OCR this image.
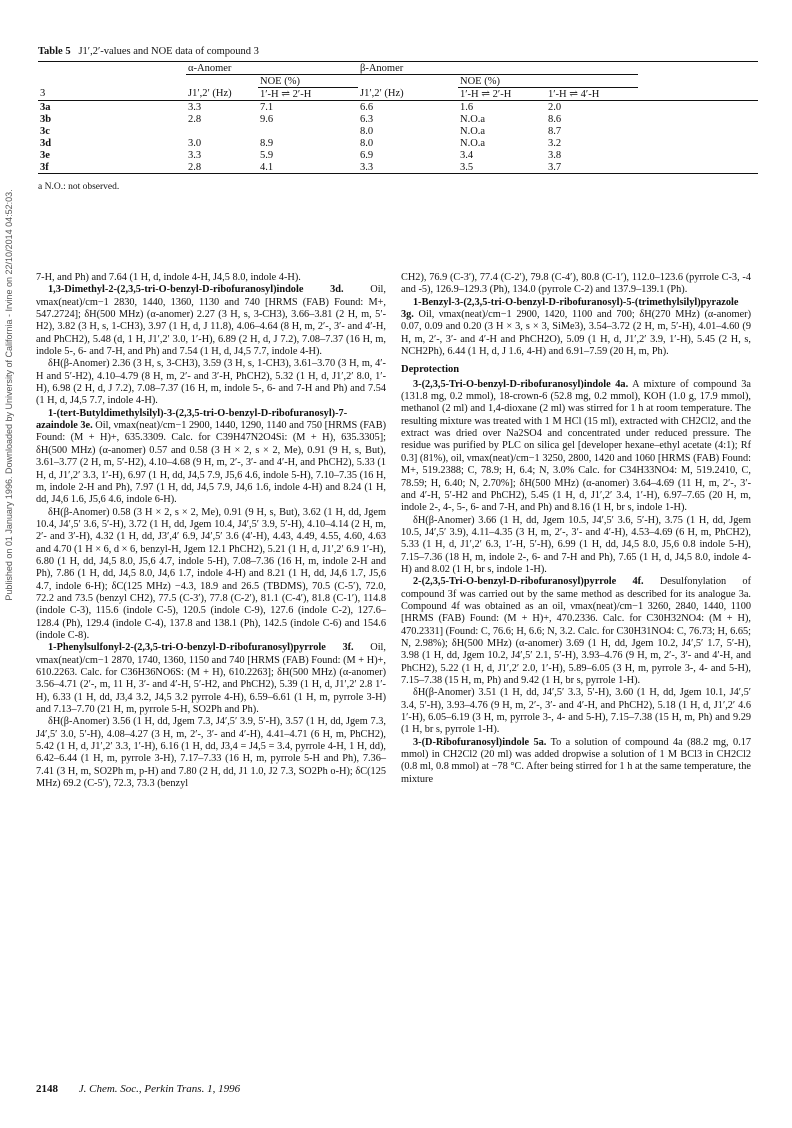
Published on 01 January 1996. Downloaded by University of California - Irvine on 22/10/2014 04:52:03.
Table 5 J1′,2′-values and NOE data of compound 3
	α-Anomer		β-Anomer			
		NOE (%)		NOE (%)		
3	J1′,2′ (Hz)	1′-H ⇌ 2′-H	J1′,2′ (Hz)	1′-H ⇌ 2′-H	1′-H ⇌ 4′-H	
3a	3.3	7.1	6.6	1.6	2.0	
3b	2.8	9.6	6.3	N.O.a	8.6	
3c			8.0	N.O.a	8.7	
3d	3.0	8.9	8.0	N.O.a	3.2	
3e	3.3	5.9	6.9	3.4	3.8	
3f	2.8	4.1	3.3	3.5	3.7	
a N.O.: not observed.

7-H, and Ph) and 7.64 (1 H, d, indole 4-H, J4,5 8.0, indole 4-H).

1,3-Dimethyl-2-(2,3,5-tri-O-benzyl-D-ribofuranosyl)indole 3d. Oil, νmax(neat)/cm−1 2830, 1440, 1360, 1130 and 740 [HRMS (FAB) Found: M+, 547.2724]; δH(500 MHz) (α-anomer) 2.27 (3 H, s, 3-CH3), 3.66–3.81 (2 H, m, 5′-H2), 3.82 (3 H, s, 1-CH3), 3.97 (1 H, d, J 11.8), 4.06–4.64 (8 H, m, 2′-, 3′- and 4′-H, and PhCH2), 5.48 (d, 1 H, J1′,2′ 3.0, 1′-H), 6.89 (2 H, d, J 7.2), 7.08–7.37 (16 H, m, indole 5-, 6- and 7-H, and Ph) and 7.54 (1 H, d, J4,5 7.7, indole 4-H).

δH(β-Anomer) 2.36 (3 H, s, 3-CH3), 3.59 (3 H, s, 1-CH3), 3.61–3.70 (3 H, m, 4′-H and 5′-H2), 4.10–4.79 (8 H, m, 2′- and 3′-H, PhCH2), 5.32 (1 H, d, J1′,2′ 8.0, 1′-H), 6.98 (2 H, d, J 7.2), 7.08–7.37 (16 H, m, indole 5-, 6- and 7-H and Ph) and 7.54 (1 H, d, J4,5 7.7, indole 4-H).

1-(tert-Butyldimethylsilyl)-3-(2,3,5-tri-O-benzyl-D-ribofuranosyl)-7-azaindole 3e. Oil, νmax(neat)/cm−1 2900, 1440, 1290, 1140 and 750 [HRMS (FAB) Found: (M + H)+, 635.3309. Calc. for C39H47N2O4Si: (M + H), 635.3305]; δH(500 MHz) (α-anomer) 0.57 and 0.58 (3 H × 2, s × 2, Me), 0.91 (9 H, s, But), 3.61–3.77 (2 H, m, 5′-H2), 4.10–4.68 (9 H, m, 2′-, 3′- and 4′-H, and PhCH2), 5.33 (1 H, d, J1′,2′ 3.3, 1′-H), 6.97 (1 H, dd, J4,5 7.9, J5,6 4.6, indole 5-H), 7.10–7.35 (16 H, m, indole 2-H and Ph), 7.97 (1 H, dd, J4,5 7.9, J4,6 1.6, indole 4-H) and 8.24 (1 H, dd, J4,6 1.6, J5,6 4.6, indole 6-H).

δH(β-Anomer) 0.58 (3 H × 2, s × 2, Me), 0.91 (9 H, s, But), 3.62 (1 H, dd, Jgem 10.4, J4′,5′ 3.6, 5′-H), 3.72 (1 H, dd, Jgem 10.4, J4′,5′ 3.9, 5′-H), 4.10–4.14 (2 H, m, 2′- and 3′-H), 4.32 (1 H, dd, J3′,4′ 6.9, J4′,5′ 3.6 (4′-H), 4.43, 4.49, 4.55, 4.60, 4.63 and 4.70 (1 H × 6, d × 6, benzyl-H, Jgem 12.1 PhCH2), 5.21 (1 H, d, J1′,2′ 6.9 1′-H), 6.80 (1 H, dd, J4,5 8.0, J5,6 4.7, indole 5-H), 7.08–7.36 (16 H, m, indole 2-H and Ph), 7.86 (1 H, dd, J4,5 8.0, J4,6 1.7, indole 4-H) and 8.21 (1 H, dd, J4,6 1.7, J5,6 4.7, indole 6-H); δC(125 MHz) −4.3, 18.9 and 26.5 (TBDMS), 70.5 (C-5′), 72.0, 72.2 and 73.5 (benzyl CH2), 77.5 (C-3′), 77.8 (C-2′), 81.1 (C-4′), 81.8 (C-1′), 114.8 (indole C-3), 115.6 (indole C-5), 120.5 (indole C-9), 127.6 (indole C-2), 127.6–128.4 (Ph), 129.4 (indole C-4), 137.8 and 138.1 (Ph), 142.5 (indole C-6) and 154.6 (indole C-8).

1-Phenylsulfonyl-2-(2,3,5-tri-O-benzyl-D-ribofuranosyl)pyrrole 3f. Oil, νmax(neat)/cm−1 2870, 1740, 1360, 1150 and 740 [HRMS (FAB) Found: (M + H)+, 610.2263. Calc. for C36H36NO6S: (M + H), 610.2263]; δH(500 MHz) (α-anomer) 3.56–4.71 (2′-, m, 11 H, 3′- and 4′-H, 5′-H2, and PhCH2), 5.39 (1 H, d, J1′,2′ 2.8 1′-H), 6.33 (1 H, dd, J3,4 3.2, J4,5 3.2 pyrrole 4-H), 6.59–6.61 (1 H, m, pyrrole 3-H) and 7.13–7.70 (21 H, m, pyrrole 5-H, SO2Ph and Ph).

δH(β-Anomer) 3.56 (1 H, dd, Jgem 7.3, J4′,5′ 3.9, 5′-H), 3.57 (1 H, dd, Jgem 7.3, J4′,5′ 3.0, 5′-H), 4.08–4.27 (3 H, m, 2′-, 3′- and 4′-H), 4.41–4.71 (6 H, m, PhCH2), 5.42 (1 H, d, J1′,2′ 3.3, 1′-H), 6.16 (1 H, dd, J3,4 = J4,5 = 3.4, pyrrole 4-H, 1 H, dd), 6.42–6.44 (1 H, m, pyrrole 3-H), 7.17–7.33 (16 H, m, pyrrole 5-H and Ph), 7.36–7.41 (3 H, m, SO2Ph m, p-H) and 7.80 (2 H, dd, J1 1.0, J2 7.3, SO2Ph o-H); δC(125 MHz) 69.2 (C-5′), 72.3, 73.3 (benzyl

CH2), 76.9 (C-3′), 77.4 (C-2′), 79.8 (C-4′), 80.8 (C-1′), 112.0–123.6 (pyrrole C-3, -4 and -5), 126.9–129.3 (Ph), 134.0 (pyrrole C-2) and 137.9–139.1 (Ph).

1-Benzyl-3-(2,3,5-tri-O-benzyl-D-ribofuranosyl)-5-(trimethylsilyl)pyrazole 3g. Oil, νmax(neat)/cm−1 2900, 1420, 1100 and 700; δH(270 MHz) (α-anomer) 0.07, 0.09 and 0.20 (3 H × 3, s × 3, SiMe3), 3.54–3.72 (2 H, m, 5′-H), 4.01–4.60 (9 H, m, 2′-, 3′- and 4′-H and PhCH2O), 5.09 (1 H, d, J1′,2′ 3.9, 1′-H), 5.45 (2 H, s, NCH2Ph), 6.44 (1 H, d, J 1.6, 4-H) and 6.91–7.59 (20 H, m, Ph).

Deprotection

3-(2,3,5-Tri-O-benzyl-D-ribofuranosyl)indole 4a. A mixture of compound 3a (131.8 mg, 0.2 mmol), 18-crown-6 (52.8 mg, 0.2 mmol), KOH (1.0 g, 17.9 mmol), methanol (2 ml) and 1,4-dioxane (2 ml) was stirred for 1 h at room temperature. The resulting mixture was treated with 1 M HCl (15 ml), extracted with CH2Cl2, and the extract was dried over Na2SO4 and concentrated under reduced pressure. The residue was purified by PLC on silica gel [developer hexane–ethyl acetate (4:1); Rf 0.3] (81%), oil, νmax(neat)/cm−1 3250, 2800, 1420 and 1060 [HRMS (FAB) Found: M+, 519.2388; C, 78.9; H, 6.4; N, 3.0% Calc. for C34H33NO4: M, 519.2410, C, 78.59; H, 6.40; N, 2.70%]; δH(500 MHz) (α-anomer) 3.64–4.69 (11 H, m, 2′-, 3′- and 4′-H, 5′-H2 and PhCH2), 5.45 (1 H, d, J1′,2′ 3.4, 1′-H), 6.97–7.65 (20 H, m, indole 2-, 4-, 5-, 6- and 7-H, and Ph) and 8.16 (1 H, br s, indole 1-H).

δH(β-Anomer) 3.66 (1 H, dd, Jgem 10.5, J4′,5′ 3.6, 5′-H), 3.75 (1 H, dd, Jgem 10.5, J4′,5′ 3.9), 4.11–4.35 (3 H, m, 2′-, 3′- and 4′-H), 4.53–4.69 (6 H, m, PhCH2), 5.33 (1 H, d, J1′,2′ 6.3, 1′-H, 5′-H), 6.99 (1 H, dd, J4,5 8.0, J5,6 0.8 indole 5-H), 7.15–7.36 (18 H, m, indole 2-, 6- and 7-H and Ph), 7.65 (1 H, d, J4,5 8.0, indole 4-H) and 8.02 (1 H, br s, indole 1-H).

2-(2,3,5-Tri-O-benzyl-D-ribofuranosyl)pyrrole 4f. Desulfonylation of compound 3f was carried out by the same method as described for its analogue 3a. Compound 4f was obtained as an oil, νmax(neat)/cm−1 3260, 2840, 1440, 1100 [HRMS (FAB) Found: (M + H)+, 470.2336. Calc. for C30H32NO4: (M + H), 470.2331] (Found: C, 76.6; H, 6.6; N, 3.2. Calc. for C30H31NO4: C, 76.73; H, 6.65; N, 2.98%); δH(500 MHz) (α-anomer) 3.69 (1 H, dd, Jgem 10.2, J4′,5′ 1.7, 5′-H), 3.98 (1 H, dd, Jgem 10.2, J4′,5′ 2.1, 5′-H), 3.93–4.76 (9 H, m, 2′-, 3′- and 4′-H, and PhCH2), 5.22 (1 H, d, J1′,2′ 2.0, 1′-H), 5.89–6.05 (3 H, m, pyrrole 3-, 4- and 5-H), 7.15–7.38 (15 H, m, Ph) and 9.42 (1 H, br s, pyrrole 1-H).

δH(β-Anomer) 3.51 (1 H, dd, J4′,5′ 3.3, 5′-H), 3.60 (1 H, dd, Jgem 10.1, J4′,5′ 3.4, 5′-H), 3.93–4.76 (9 H, m, 2′-, 3′- and 4′-H, and PhCH2), 5.18 (1 H, d, J1′,2′ 4.6 1′-H), 6.05–6.19 (3 H, m, pyrrole 3-, 4- and 5-H), 7.15–7.38 (15 H, m, Ph) and 9.29 (1 H, br s, pyrrole 1-H).

3-(D-Ribofuranosyl)indole 5a. To a solution of compound 4a (88.2 mg, 0.17 mmol) in CH2Cl2 (20 ml) was added dropwise a solution of 1 M BCl3 in CH2Cl2 (0.8 ml, 0.8 mmol) at −78 °C. After being stirred for 1 h at the same temperature, the mixture

2148 J. Chem. Soc., Perkin Trans. 1, 1996
